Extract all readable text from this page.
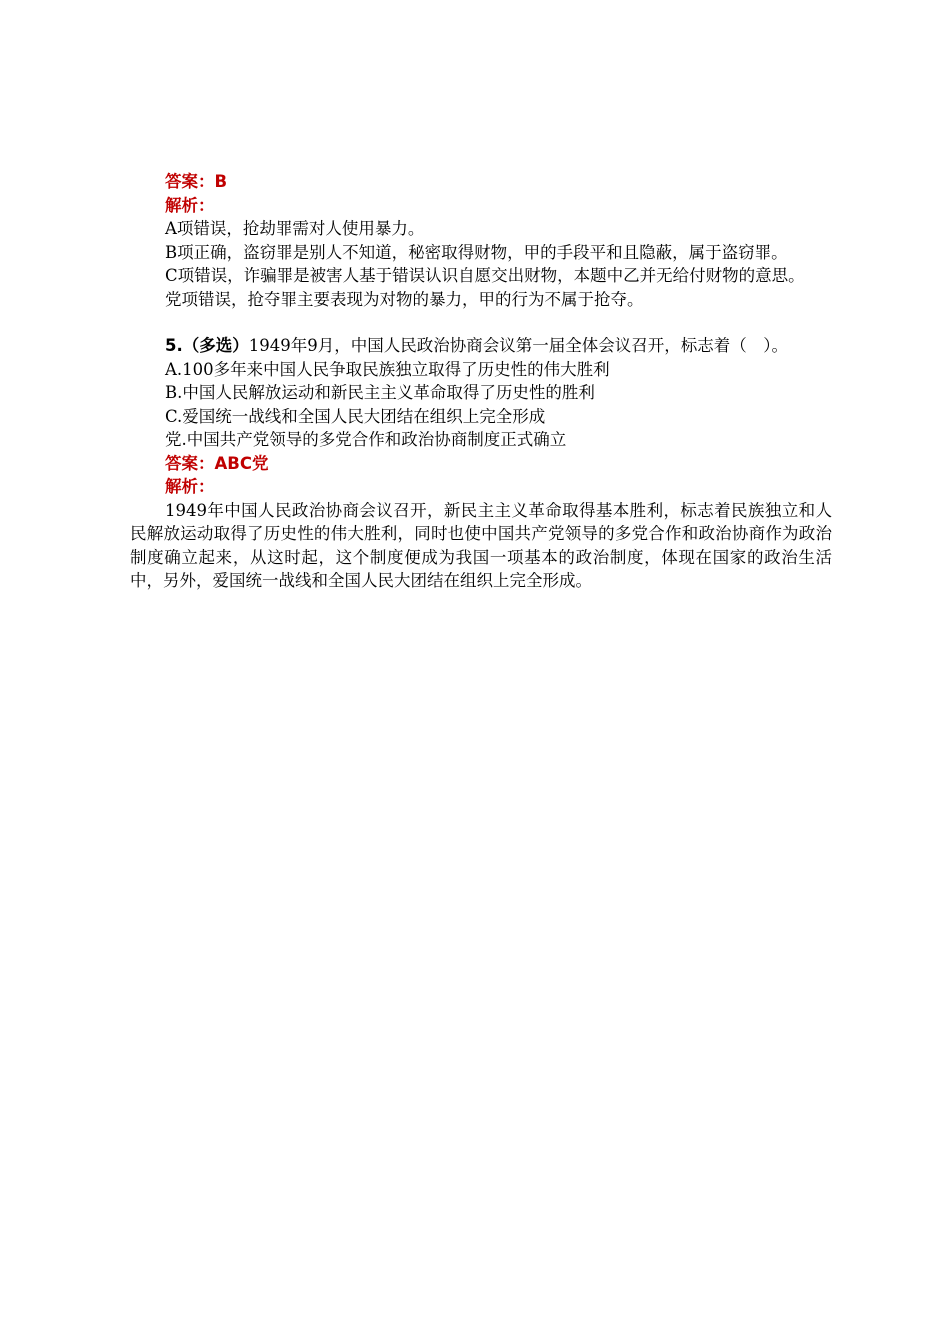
答案：B

解析：

A项错误，抢劫罪需对人使用暴力。

B项正确，盗窃罪是别人不知道，秘密取得财物，甲的手段平和且隐蔽，属于盗窃罪。

C项错误，诈骗罪是被害人基于错误认识自愿交出财物，本题中乙并无给付财物的意思。

党项错误，抢夺罪主要表现为对物的暴力，甲的行为不属于抢夺。

5.（多选）1949年9月，中国人民政治协商会议第一届全体会议召开，标志着（　）。

A.100多年来中国人民争取民族独立取得了历史性的伟大胜利

B.中国人民解放运动和新民主主义革命取得了历史性的胜利

C.爱国统一战线和全国人民大团结在组织上完全形成

党.中国共产党领导的多党合作和政治协商制度正式确立

答案：ABC党

解析：

1949年中国人民政治协商会议召开，新民主主义革命取得基本胜利，标志着民族独立和人民解放运动取得了历史性的伟大胜利，同时也使中国共产党领导的多党合作和政治协商作为政治制度确立起来，从这时起，这个制度便成为我国一项基本的政治制度，体现在国家的政治生活中，另外，爱国统一战线和全国人民大团结在组织上完全形成。
